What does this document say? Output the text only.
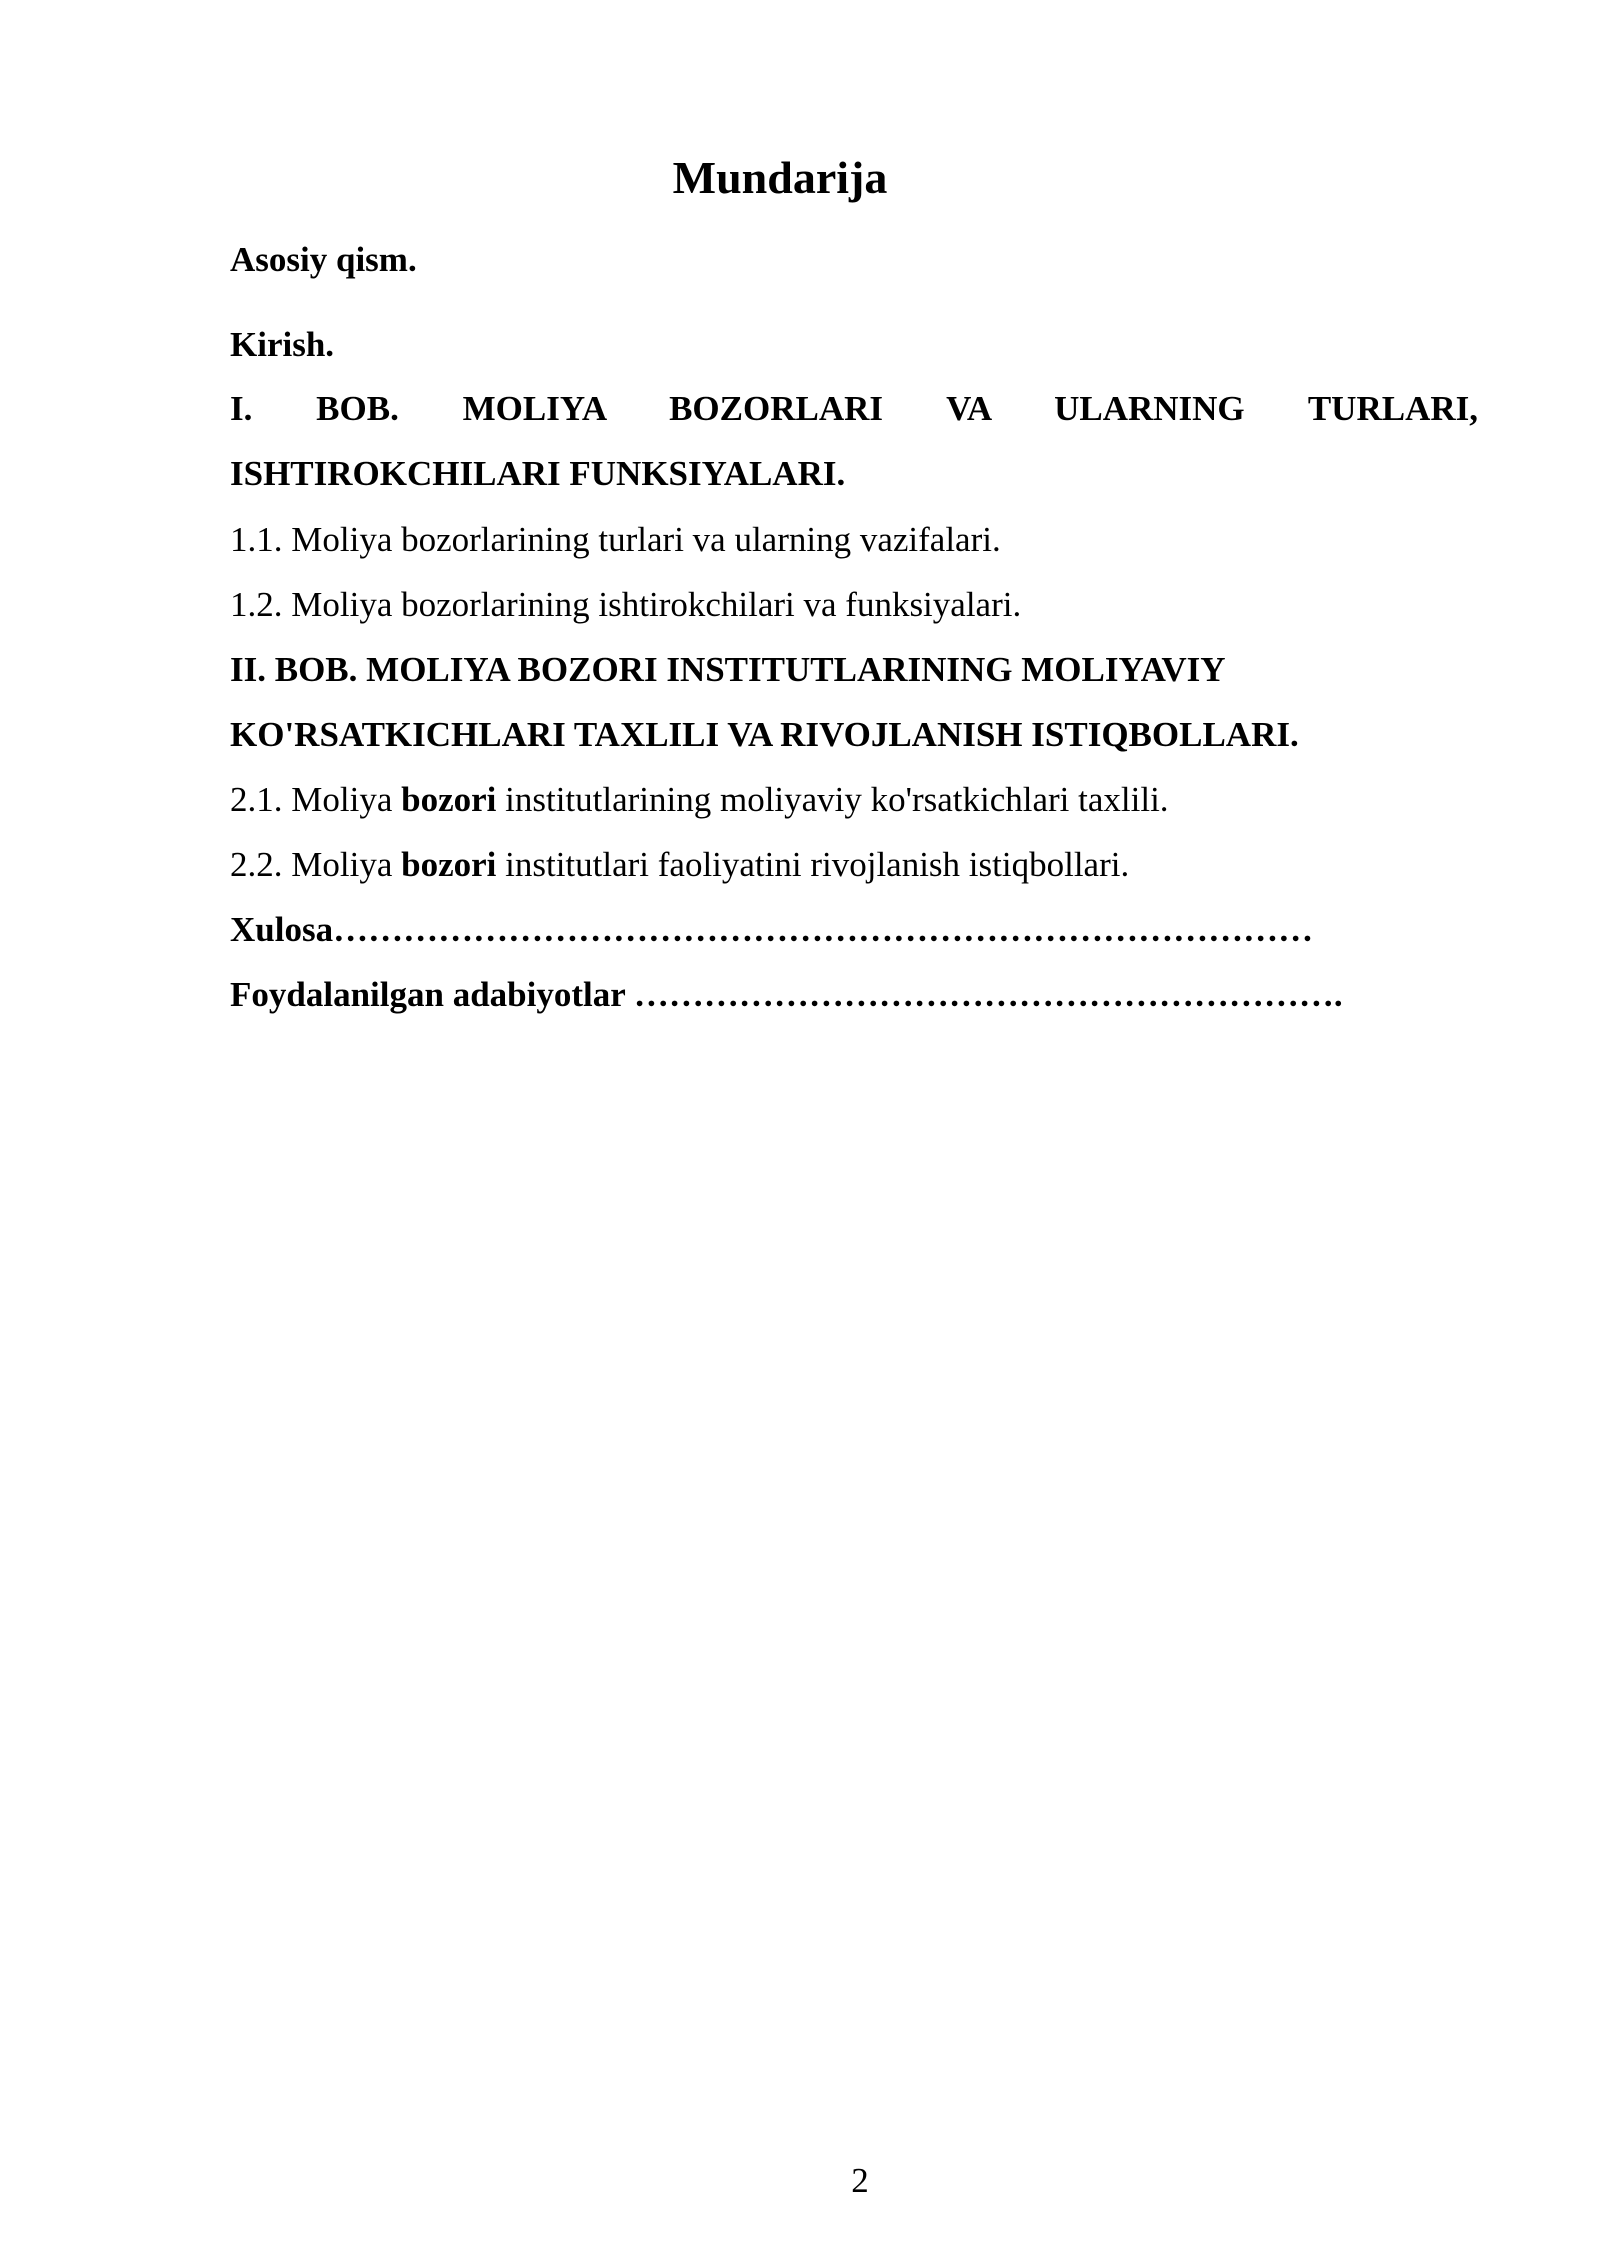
Mundarija
Asosiy qism.
Kirish.
I. BOB. MOLIYA BOZORLARI VA ULARNING TURLARI,
ISHTIROKCHILARI FUNKSIYALARI.
1.1. Moliya bozorlarining turlari va ularning vazifalari.
1.2. Moliya bozorlarining ishtirokchilari va funksiyalari.
II. BOB. MOLIYA BOZORI INSTITUTLARINING MOLIYAVIY
KO'RSATKICHLARI TAXLILI VA RIVOJLANISH ISTIQBOLLARI.
2.1. Moliya bozori institutlarining moliyaviy ko'rsatkichlari taxlili.
2.2. Moliya bozori institutlari faoliyatini rivojlanish istiqbollari.
Xulosa…………………………………………………………………………
Foydalanilgan adabiyotlar …………………………………………………….
2
